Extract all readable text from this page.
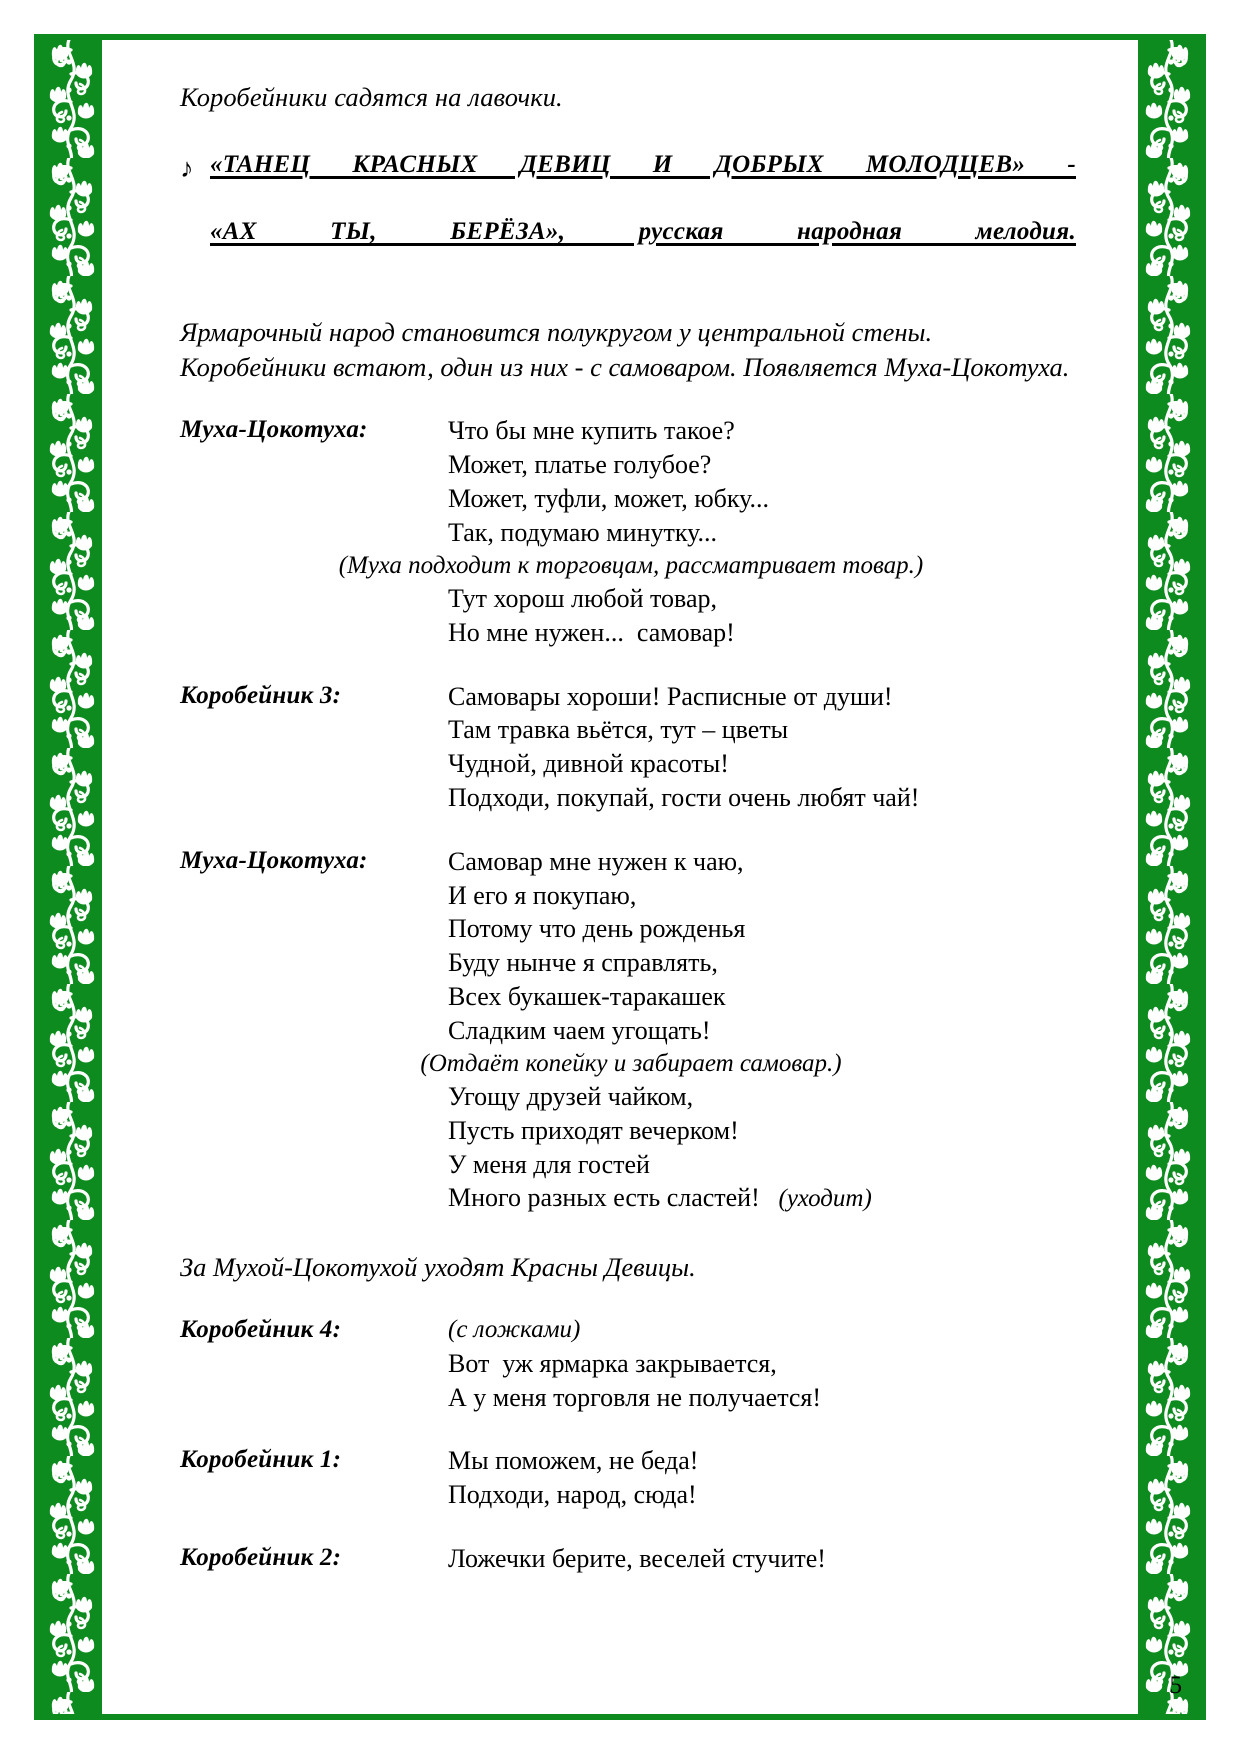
Коробейники садятся на лавочки.
♪ «ТАНЕЦ КРАСНЫХ ДЕВИЦ И ДОБРЫХ МОЛОДЦЕВ» -
«АХ ТЫ, БЕРЁЗА», русская народная мелодия.
Ярмарочный народ становится полукругом у центральной стены. Коробейники встают, один из них - с самоваром. Появляется Муха-Цокотуха.
Муха-Цокотуха:	Что бы мне купить такое?
Может, платье голубое?
Может, туфли, может, юбку...
Так, подумаю минутку...
(Муха подходит к торговцам, рассматривает товар.)
Тут хорош любой товар,
Но мне нужен...  самовар!
Коробейник 3:	Самовары хороши! Расписные от души!
Там травка вьётся, тут – цветы
Чудной, дивной красоты!
Подходи, покупай, гости очень любят чай!
Муха-Цокотуха:	Самовар мне нужен к чаю,
И его я покупаю,
Потому что день рожденья
Буду нынче я справлять,
Всех букашек-таракашек
Сладким чаем угощать!
(Отдаёт копейку и забирает самовар.)
Угощу друзей чайком,
Пусть приходят вечерком!
У меня для гостей
Много разных есть сластей!   (уходит)
За Мухой-Цокотухой уходят Красны Девицы.
Коробейник 4:	(с ложками)
Вот  уж ярмарка закрывается,
А у меня торговля не получается!
Коробейник 1:	Мы поможем, не беда!
Подходи, народ, сюда!
Коробейник 2:	Ложечки берите, веселей стучите!
5
